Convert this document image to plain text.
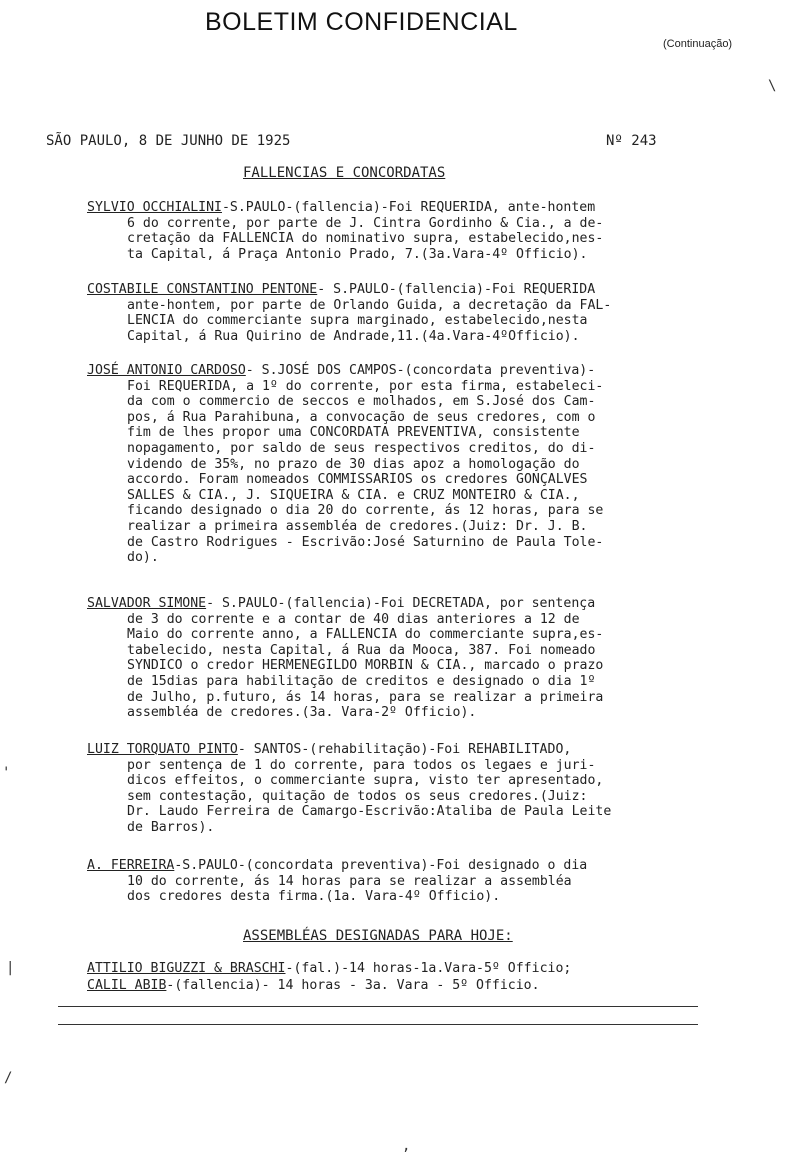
BOLETIM CONFIDENCIAL
(Continuação)
SÃO PAULO, 8 DE JUNHO DE 1925	Nº 243
FALLENCIAS E CONCORDATAS
SYLVIO OCCHIALINI-S.PAULO-(fallencia)-Foi REQUERIDA, ante-hontem
6 do corrente, por parte de J. Cintra Gordinho & Cia., a de-
cretação da FALLENCIA do nominativo supra, estabelecido,nes-
ta Capital, á Praça Antonio Prado, 7.(3a.Vara-4º Officio).
COSTABILE CONSTANTINO PENTONE- S.PAULO-(fallencia)-Foi REQUERIDA
ante-hontem, por parte de Orlando Guida, a decretação da FAL-
LENCIA do commerciante supra marginado, estabelecido,nesta
Capital, á Rua Quirino de Andrade,11.(4a.Vara-4ºOfficio).
JOSÉ ANTONIO CARDOSO- S.JOSÉ DOS CAMPOS-(concordata preventiva)-
Foi REQUERIDA, a 1º do corrente, por esta firma, estabeleci-
da com o commercio de seccos e molhados, em S.José dos Cam-
pos, á Rua Parahibuna, a convocação de seus credores, com o
fim de lhes propor uma CONCORDATA PREVENTIVA, consistente
nopagamento, por saldo de seus respectivos creditos, do di-
videndo de 35%, no prazo de 30 dias apoz a homologação do
accordo. Foram nomeados COMMISSARIOS os credores GONÇALVES
SALLES & CIA., J. SIQUEIRA & CIA. e CRUZ MONTEIRO & CIA.,
ficando designado o dia 20 do corrente, ás 12 horas, para se
realizar a primeira assembléa de credores.(Juiz: Dr. J. B.
de Castro Rodrigues - Escrivão:José Saturnino de Paula Tole-
do).
SALVADOR SIMONE- S.PAULO-(fallencia)-Foi DECRETADA, por sentença
de 3 do corrente e a contar de 40 dias anteriores a 12 de
Maio do corrente anno, a FALLENCIA do commerciante supra,es-
tabelecido, nesta Capital, á Rua da Mooca, 387. Foi nomeado
SYNDICO o credor HERMENEGILDO MORBIN & CIA., marcado o prazo
de 15dias para habilitação de creditos e designado o dia 1º
de Julho, p.futuro, ás 14 horas, para se realizar a primeira
assembléa de credores.(3a. Vara-2º Officio).
LUIZ TORQUATO PINTO- SANTOS-(rehabilitação)-Foi REHABILITADO,
por sentença de 1 do corrente, para todos os legaes e juri-
dicos effeitos, o commerciante supra, visto ter apresentado,
sem contestação, quitação de todos os seus credores.(Juiz:
Dr. Laudo Ferreira de Camargo-Escrivão:Ataliba de Paula Leite
de Barros).
A. FERREIRA-S.PAULO-(concordata preventiva)-Foi designado o dia
10 do corrente, ás 14 horas para se realizar a assembléa
dos credores desta firma.(1a. Vara-4º Officio).
ASSEMBLÉAS DESIGNADAS PARA HOJE:
ATTILIO BIGUZZI & BRASCHI-(fal.)-14 horas-1a.Vara-5º Officio;
CALIL ABIB-(fallencia)- 14 horas - 3a. Vara - 5º Officio.
'
|
/
,
\
